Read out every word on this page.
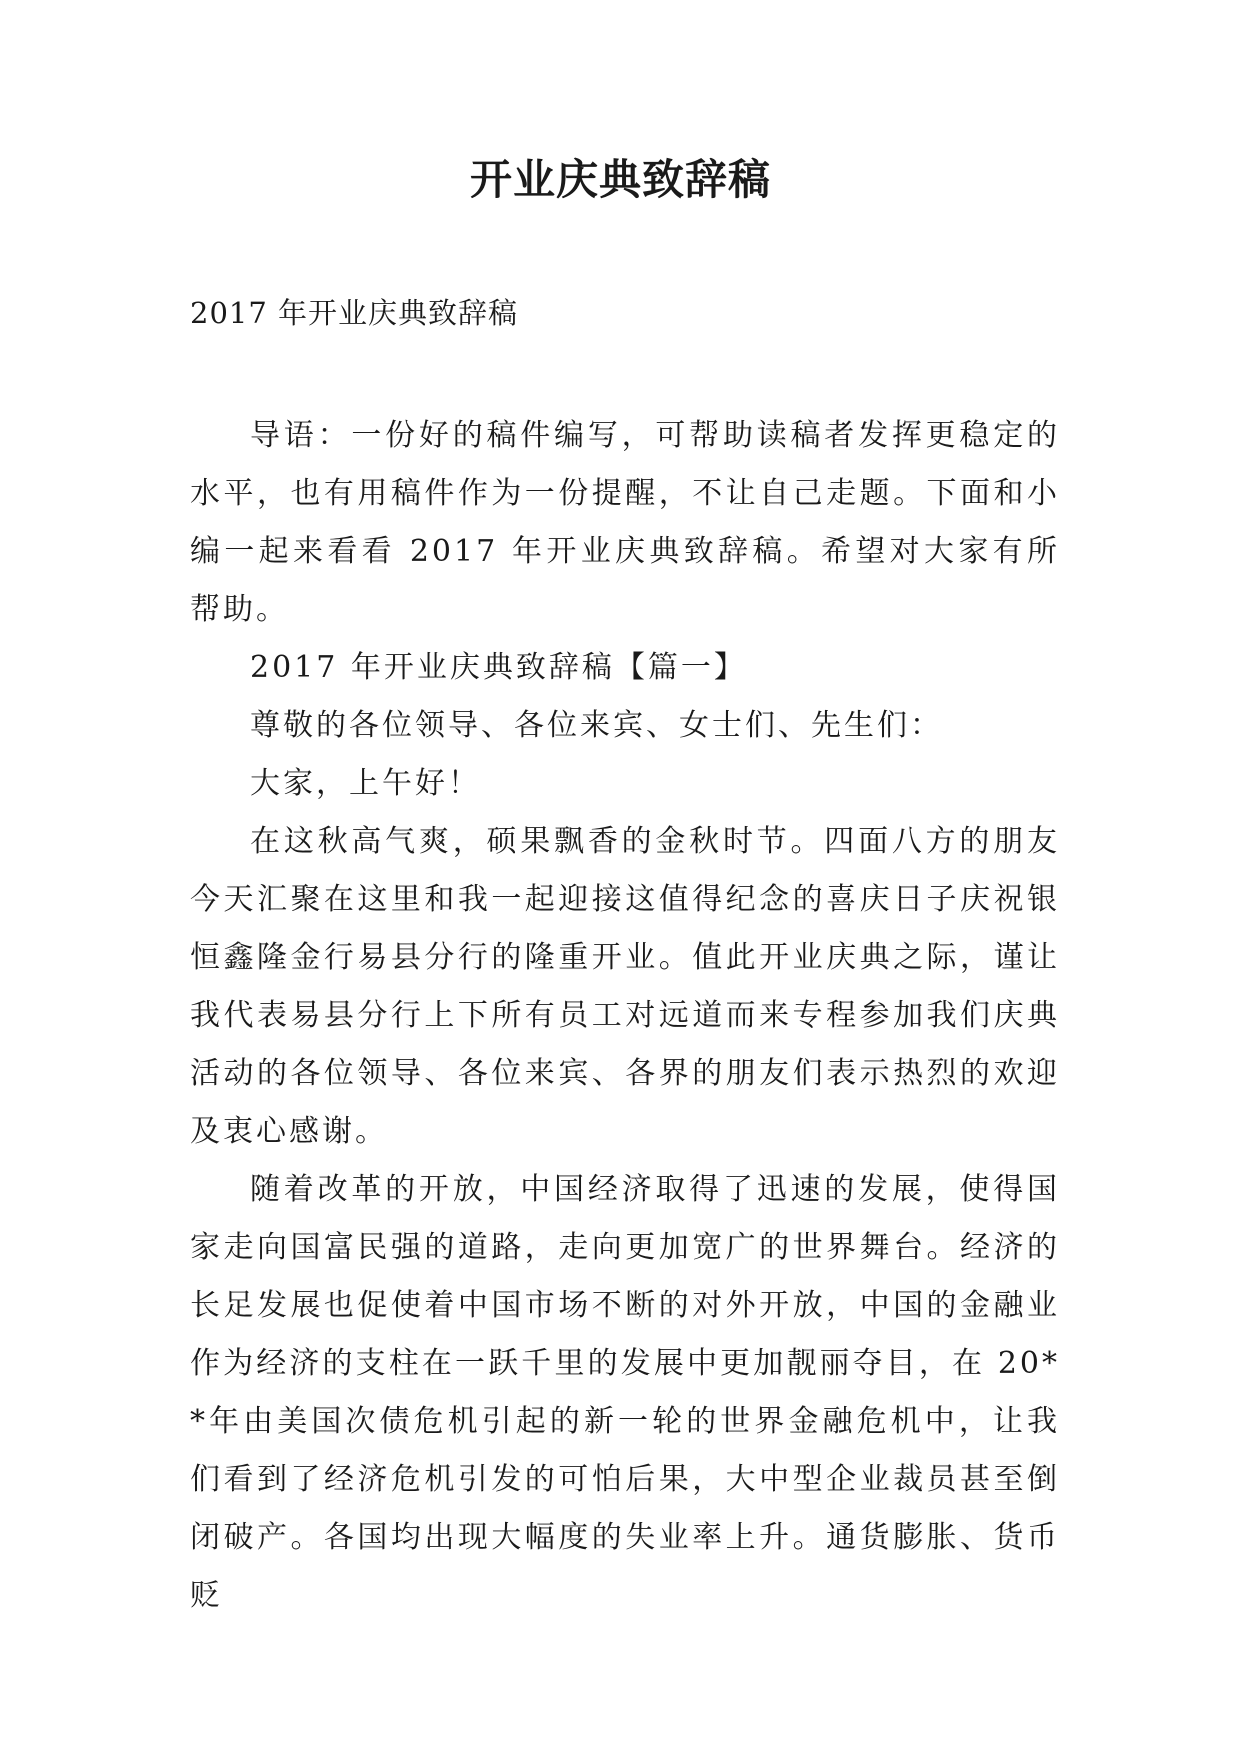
开业庆典致辞稿

2017 年开业庆典致辞稿

导语：一份好的稿件编写，可帮助读稿者发挥更稳定的水平，也有用稿件作为一份提醒，不让自己走题。下面和小编一起来看看 2017 年开业庆典致辞稿。希望对大家有所帮助。

2017 年开业庆典致辞稿【篇一】

尊敬的各位领导、各位来宾、女士们、先生们：

大家，上午好！

在这秋高气爽，硕果飘香的金秋时节。四面八方的朋友今天汇聚在这里和我一起迎接这值得纪念的喜庆日子庆祝银恒鑫隆金行易县分行的隆重开业。值此开业庆典之际，谨让我代表易县分行上下所有员工对远道而来专程参加我们庆典活动的各位领导、各位来宾、各界的朋友们表示热烈的欢迎及衷心感谢。

随着改革的开放，中国经济取得了迅速的发展，使得国家走向国富民强的道路，走向更加宽广的世界舞台。经济的长足发展也促使着中国市场不断的对外开放，中国的金融业作为经济的支柱在一跃千里的发展中更加靓丽夺目，在 20**年由美国次债危机引起的新一轮的世界金融危机中，让我们看到了经济危机引发的可怕后果，大中型企业裁员甚至倒闭破产。各国均出现大幅度的失业率上升。通货膨胀、货币贬
